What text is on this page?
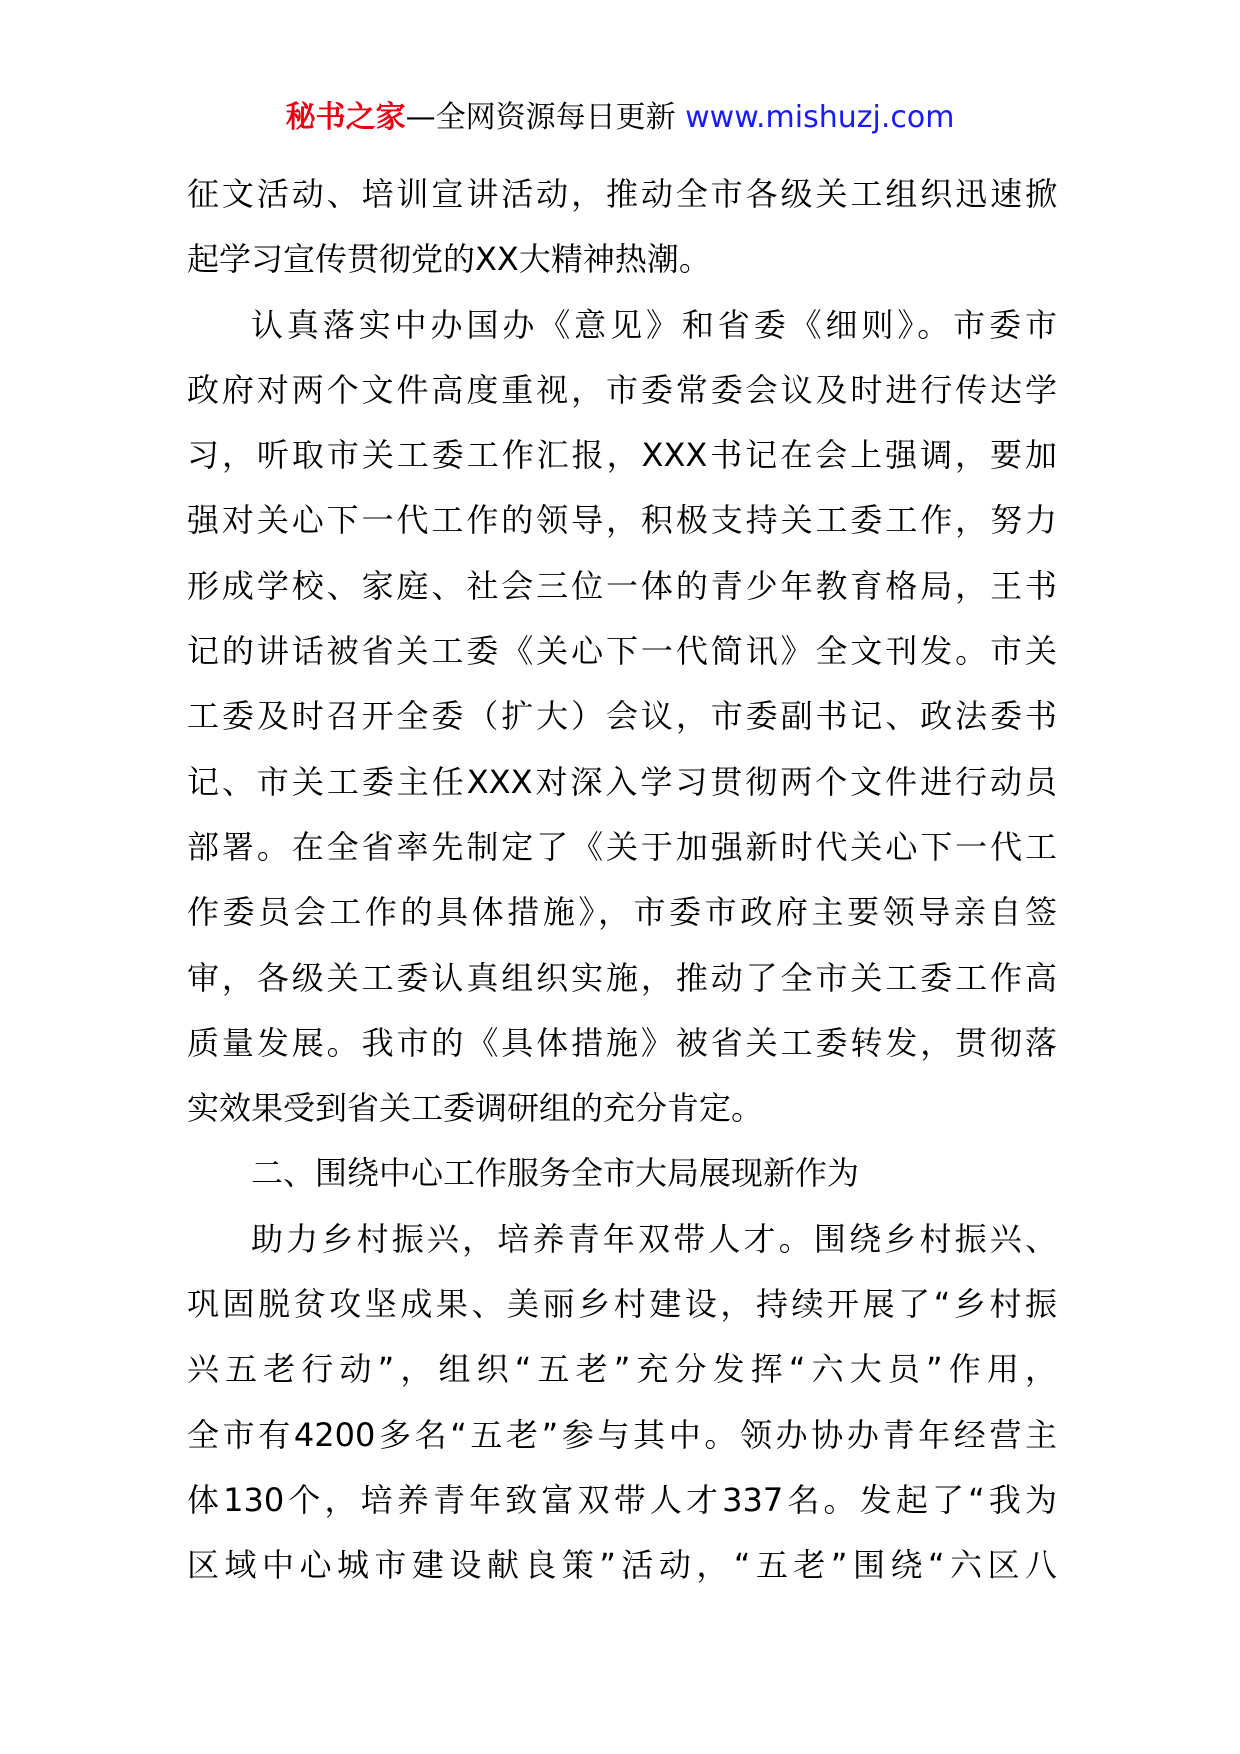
秘书之家—全网资源每日更新 www.mishuzj.com
征文活动、培训宣讲活动，推动全市各级关工组织迅速掀
起学习宣传贯彻党的XX大精神热潮。
认真落实中办国办《意见》和省委《细则》。市委市
政府对两个文件高度重视，市委常委会议及时进行传达学
习，听取市关工委工作汇报，XXX书记在会上强调，要加
强对关心下一代工作的领导，积极支持关工委工作，努力
形成学校、家庭、社会三位一体的青少年教育格局，王书
记的讲话被省关工委《关心下一代简讯》全文刊发。市关
工委及时召开全委（扩大）会议，市委副书记、政法委书
记、市关工委主任XXX对深入学习贯彻两个文件进行动员
部署。在全省率先制定了《关于加强新时代关心下一代工
作委员会工作的具体措施》，市委市政府主要领导亲自签
审，各级关工委认真组织实施，推动了全市关工委工作高
质量发展。我市的《具体措施》被省关工委转发，贯彻落
实效果受到省关工委调研组的充分肯定。
二、围绕中心工作服务全市大局展现新作为
助力乡村振兴，培养青年双带人才。围绕乡村振兴、
巩固脱贫攻坚成果、美丽乡村建设，持续开展了“乡村振
兴五老行动”，组织“五老”充分发挥“六大员”作用，
全市有4200多名“五老”参与其中。领办协办青年经营主
体130个，培养青年致富双带人才337名。发起了“我为
区域中心城市建设献良策”活动，“五老”围绕“六区八
